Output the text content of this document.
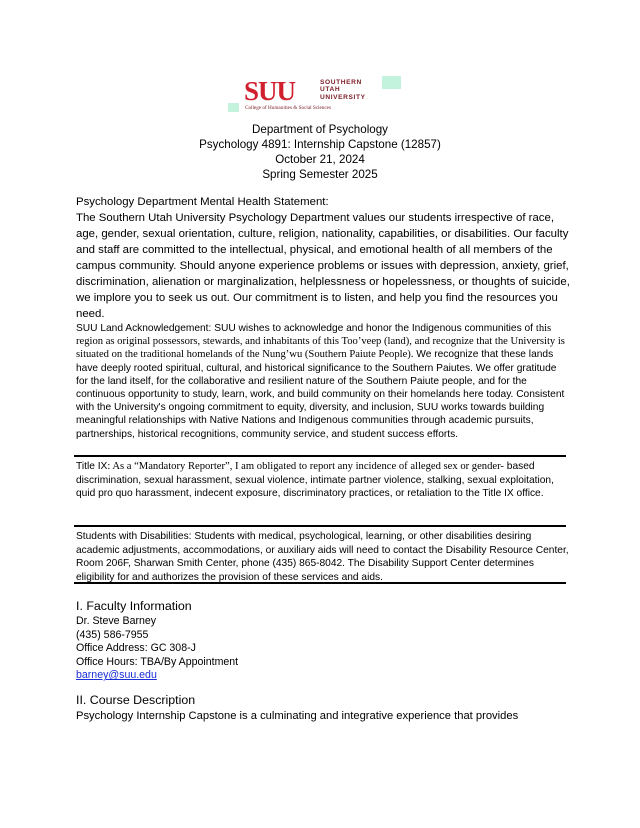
SUU	SOUTHERN
UTAH
UNIVERSITY
College of Humanities & Social Sciences
Department of Psychology
Psychology 4891: Internship Capstone (12857)
October 21, 2024
Spring Semester 2025
Psychology Department Mental Health Statement:
The Southern Utah University Psychology Department values our students irrespective of race, age, gender, sexual orientation, culture, religion, nationality, capabilities, or disabilities. Our faculty and staff are committed to the intellectual, physical, and emotional health of all members of the campus community. Should anyone experience problems or issues with depression, anxiety, grief, discrimination, alienation or marginalization, helplessness or hopelessness, or thoughts of suicide, we implore you to seek us out. Our commitment is to listen, and help you find the resources you need.
SUU Land Acknowledgement: SUU wishes to acknowledge and honor the Indigenous communities of this region as original possessors, stewards, and inhabitants of this Too’veep (land), and recognize that the University is situated on the traditional homelands of the Nung’wu (Southern Paiute People). We recognize that these lands have deeply rooted spiritual, cultural, and historical significance to the Southern Paiutes. We offer gratitude for the land itself, for the collaborative and resilient nature of the Southern Paiute people, and for the continuous opportunity to study, learn, work, and build community on their homelands here today. Consistent with the University's ongoing commitment to equity, diversity, and inclusion, SUU works towards building meaningful relationships with Native Nations and Indigenous communities through academic pursuits, partnerships, historical recognitions, community service, and student success efforts.
Title IX: As a “Mandatory Reporter”, I am obligated to report any incidence of alleged sex or gender- based discrimination, sexual harassment, sexual violence, intimate partner violence, stalking, sexual exploitation, quid pro quo harassment, indecent exposure, discriminatory practices, or retaliation to the Title IX office.
Students with Disabilities: Students with medical, psychological, learning, or other disabilities desiring academic adjustments, accommodations, or auxiliary aids will need to contact the Disability Resource Center, Room 206F, Sharwan Smith Center, phone (435) 865-8042. The Disability Support Center determines eligibility for and authorizes the provision of these services and aids.
I. Faculty Information
Dr. Steve Barney
(435) 586-7955
Office Address: GC 308-J
Office Hours: TBA/By Appointment
barney@suu.edu
II. Course Description
Psychology Internship Capstone is a culminating and integrative experience that provides
